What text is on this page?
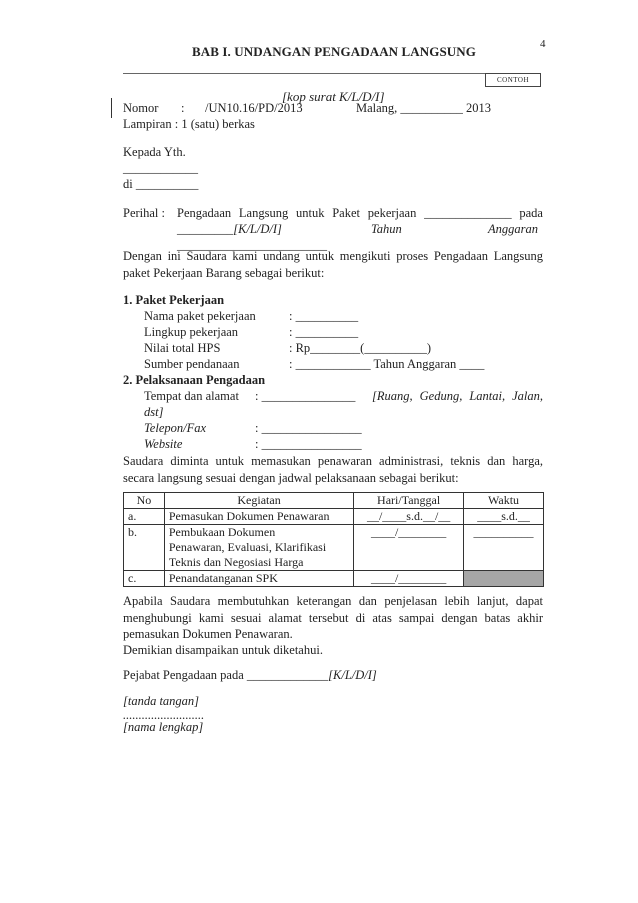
4
BAB I. UNDANGAN PENGADAAN LANGSUNG
CONTOH
[kop surat K/L/D/I]
Nomor : /UN10.16/PD/2013	Malang, __________ 2013
Lampiran : 1 (satu) berkas
Kepada Yth.
____________
di __________
Perihal : Pengadaan Langsung untuk Paket pekerjaan ______________ pada
_________[K/L/D/I]	Tahun	Anggaran
________________________
Dengan ini Saudara kami undang untuk mengikuti proses Pengadaan Langsung paket Pekerjaan Barang sebagai berikut:
1. Paket Pekerjaan
Nama paket pekerjaan	: __________
Lingkup pekerjaan	: __________
Nilai total HPS	: Rp________(__________)
Sumber pendanaan	: ____________ Tahun Anggaran ____
2. Pelaksanaan Pengadaan
Tempat dan alamat : _______________ [Ruang, Gedung, Lantai, Jalan,
dst]
Telepon/Fax	: ________________
Website	: ________________
Saudara diminta untuk memasukan penawaran administrasi, teknis dan harga, secara langsung sesuai dengan jadwal pelaksanaan sebagai berikut:
No	Kegiatan	Hari/Tanggal	Waktu
a.	Pemasukan Dokumen Penawaran	__/____s.d.__/__	____s.d.__
b.	Pembukaan Dokumen
Penawaran, Evaluasi, Klarifikasi
Teknis dan Negosiasi Harga	____/________	__________
c.	Penandatanganan SPK	____/________	
Apabila Saudara membutuhkan keterangan dan penjelasan lebih lanjut, dapat menghubungi kami sesuai alamat tersebut di atas sampai dengan batas akhir pemasukan Dokumen Penawaran.
Demikian disampaikan untuk diketahui.
Pejabat Pengadaan pada _____________[K/L/D/I]
[tanda tangan]
..........................
[nama lengkap]
